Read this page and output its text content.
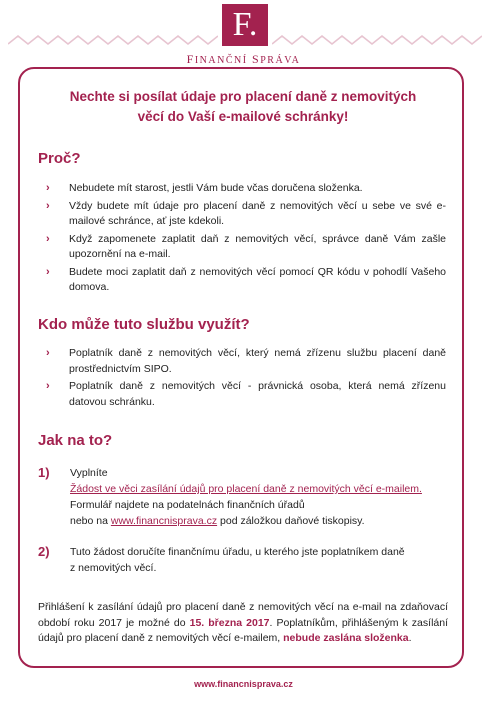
F.
FINANČNÍ SPRÁVA
Nechte si posílat údaje pro placení daně z nemovitých
věcí do Vaší e-mailové schránky!
Proč?
› Nebudete mít starost, jestli Vám bude včas doručena složenka.
› Vždy budete mít údaje pro placení daně z nemovitých věcí u sebe ve své e-mailové schránce, ať jste kdekoli.
› Když zapomenete zaplatit daň z nemovitých věcí, správce daně Vám zašle upozornění na e-mail.
› Budete moci zaplatit daň z nemovitých věcí pomocí QR kódu v pohodlí Vašeho domova.
Kdo může tuto službu využít?
› Poplatník daně z nemovitých věcí, který nemá zřízenu službu placení daně prostřednictvím SIPO.
› Poplatník daně z nemovitých věcí - právnická osoba, která nemá zřízenu datovou schránku.
Jak na to?
1) Vyplníte
Žádost ve věci zasílání údajů pro placení daně z nemovitých věcí e-mailem.
Formulář najdete na podatelnách finančních úřadů
nebo na www.financnisprava.cz pod záložkou daňové tiskopisy.
2) Tuto žádost doručíte finančnímu úřadu, u kterého jste poplatníkem daně
z nemovitých věcí.
Přihlášení k zasílání údajů pro placení daně z nemovitých věcí na e-mail na zdaňovací období roku 2017 je možné do 15. března 2017. Poplatníkům, přihlášeným k zasílání údajů pro placení daně z nemovitých věcí e-mailem, nebude zaslána složenka.
www.financnisprava.cz
